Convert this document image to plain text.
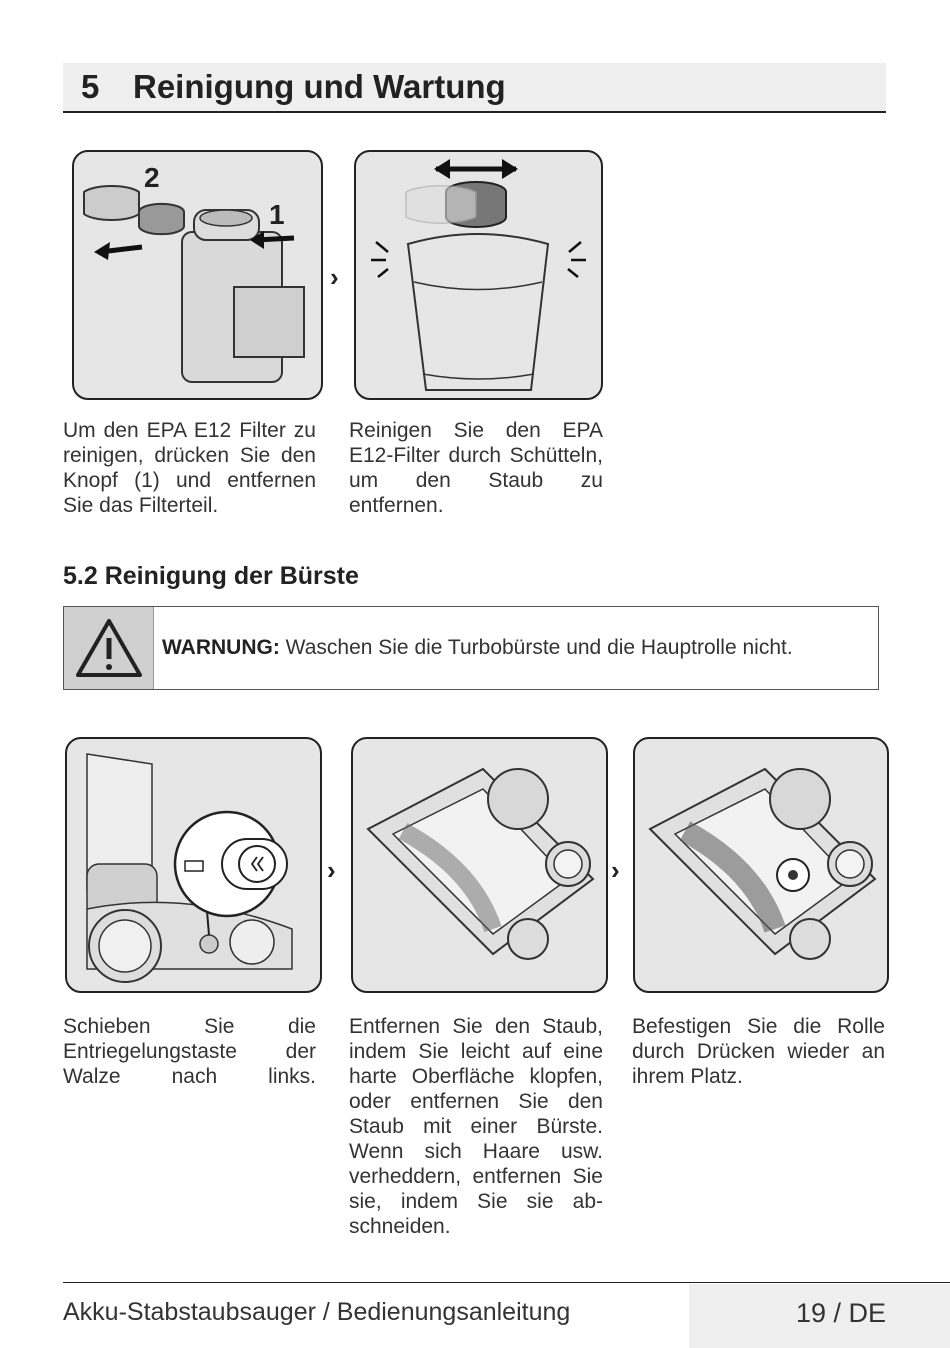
5	Reinigung und Wartung
2
1
›
Um den EPA E12 Filter zu reinigen, drücken Sie den Knopf (1) und entfernen Sie das Filterteil.
Reinigen Sie den EPA E12-Filter durch Schütteln, um den Staub zu entfernen.
5.2 Reinigung der Bürste
WARNUNG: Waschen Sie die Turbobürste und die Hauptrolle nicht.
›	›
Schieben Sie die Entriegelungstaste der Walze nach links.
Entfernen Sie den Staub, indem Sie leicht auf eine harte Oberfläche klopfen, oder entfernen Sie den Staub mit einer Bürste. Wenn sich Haare usw. verheddern, entfernen Sie sie, indem Sie sie ab-schneiden.
Befestigen Sie die Rolle durch Drücken wieder an ihrem Platz.
Akku-Stabstaubsauger / Bedienungsanleitung	19 / DE
